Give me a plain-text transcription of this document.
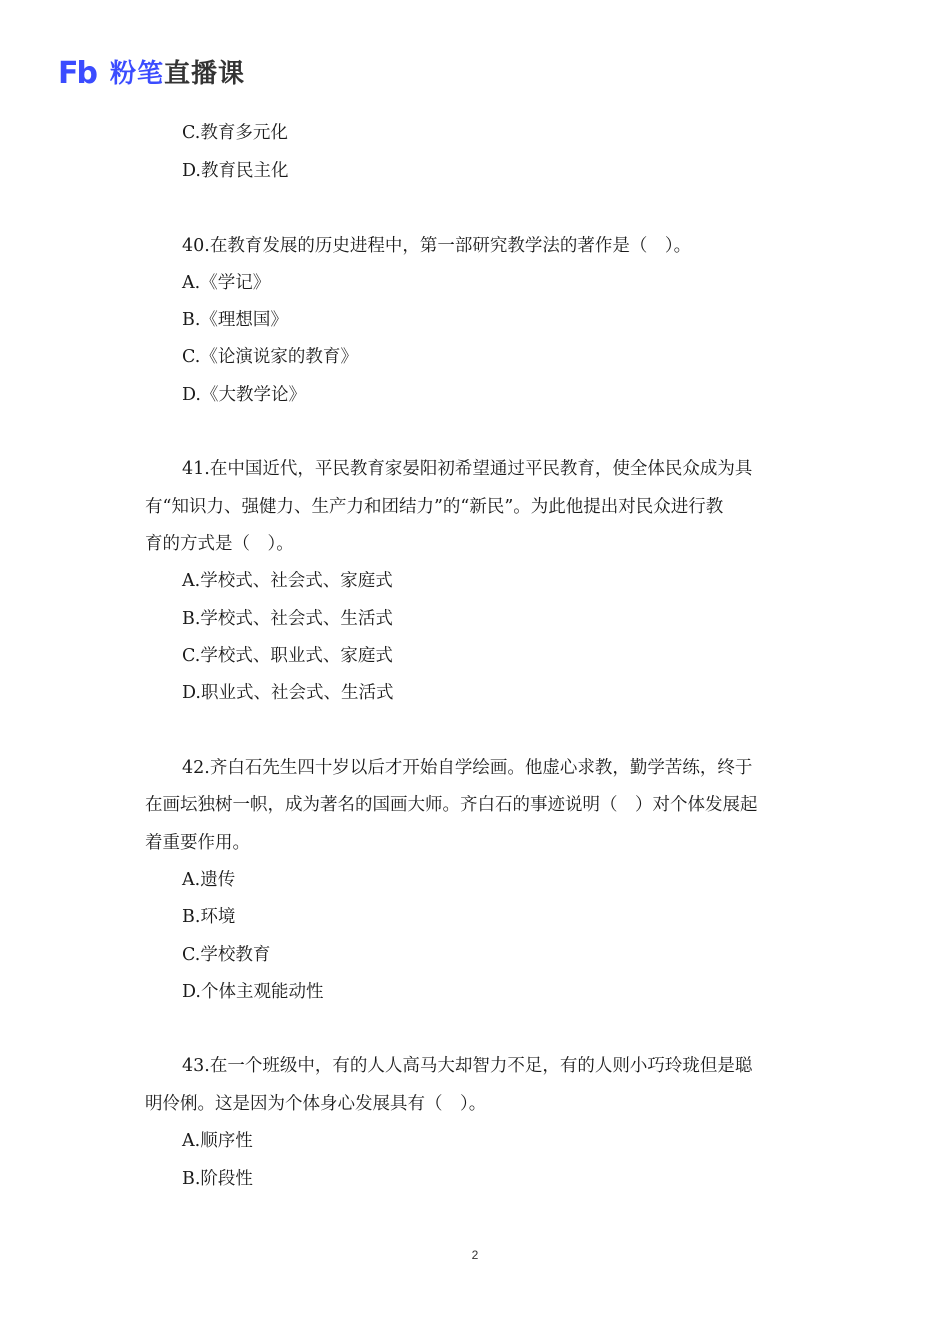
Fb 粉笔 直播课
C.教育多元化
D.教育民主化
40.在教育发展的历史进程中，第一部研究教学法的著作是（　）。
A.《学记》
B.《理想国》
C.《论演说家的教育》
D.《大教学论》
41.在中国近代，平民教育家晏阳初希望通过平民教育，使全体民众成为具
有“知识力、强健力、生产力和团结力”的“新民”。为此他提出对民众进行教
育的方式是（　）。
A.学校式、社会式、家庭式
B.学校式、社会式、生活式
C.学校式、职业式、家庭式
D.职业式、社会式、生活式
42.齐白石先生四十岁以后才开始自学绘画。他虚心求教，勤学苦练，终于
在画坛独树一帜，成为著名的国画大师。齐白石的事迹说明（　）对个体发展起
着重要作用。
A.遗传
B.环境
C.学校教育
D.个体主观能动性
43.在一个班级中，有的人人高马大却智力不足，有的人则小巧玲珑但是聪
明伶俐。这是因为个体身心发展具有（　）。
A.顺序性
B.阶段性
2
